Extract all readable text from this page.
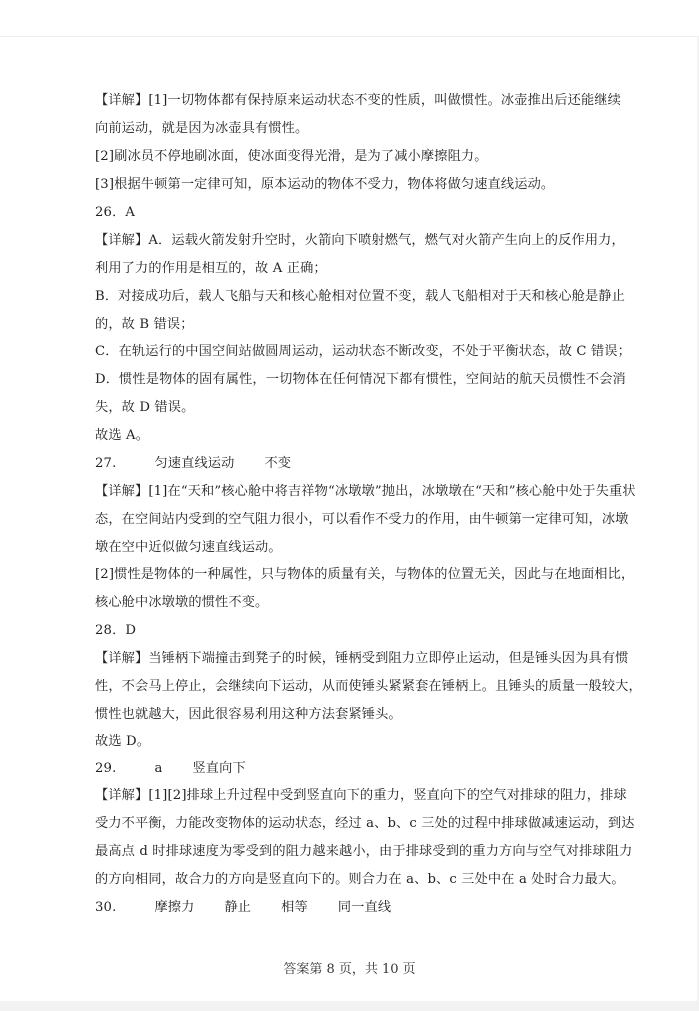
【详解】[1]一切物体都有保持原来运动状态不变的性质，叫做惯性。冰壶推出后还能继续
向前运动，就是因为冰壶具有惯性。
[2]刷冰员不停地刷冰面，使冰面变得光滑，是为了减小摩擦阻力。
[3]根据牛顿第一定律可知，原本运动的物体不受力，物体将做匀速直线运动。
26．A
【详解】A．运载火箭发射升空时，火箭向下喷射燃气，燃气对火箭产生向上的反作用力，
利用了力的作用是相互的，故 A 正确；
B．对接成功后，载人飞船与天和核心舱相对位置不变，载人飞船相对于天和核心舱是静止
的，故 B 错误；
C．在轨运行的中国空间站做圆周运动，运动状态不断改变，不处于平衡状态，故 C 错误；
D．惯性是物体的固有属性，一切物体在任何情况下都有惯性，空间站的航天员惯性不会消
失，故 D 错误。
故选 A。
27.	匀速直线运动 不变
【详解】[1]在“天和”核心舱中将吉祥物“冰墩墩”抛出，冰墩墩在“天和”核心舱中处于失重状
态，在空间站内受到的空气阻力很小，可以看作不受力的作用，由牛顿第一定律可知，冰墩
墩在空中近似做匀速直线运动。
[2]惯性是物体的一种属性，只与物体的质量有关，与物体的位置无关，因此与在地面相比，
核心舱中冰墩墩的惯性不变。
28．D
【详解】当锤柄下端撞击到凳子的时候，锤柄受到阻力立即停止运动，但是锤头因为具有惯
性，不会马上停止，会继续向下运动，从而使锤头紧紧套在锤柄上。且锤头的质量一般较大，
惯性也就越大，因此很容易利用这种方法套紧锤头。
故选 D。
29.	a 竖直向下
【详解】[1][2]排球上升过程中受到竖直向下的重力，竖直向下的空气对排球的阻力，排球
受力不平衡，力能改变物体的运动状态，经过 a、b、c 三处的过程中排球做减速运动，到达
最高点 d 时排球速度为零受到的阻力越来越小，由于排球受到的重力方向与空气对排球阻力
的方向相同，故合力的方向是竖直向下的。则合力在 a、b、c 三处中在 a 处时合力最大。
30.	摩擦力 静止 相等 同一直线
答案第 8 页，共 10 页
